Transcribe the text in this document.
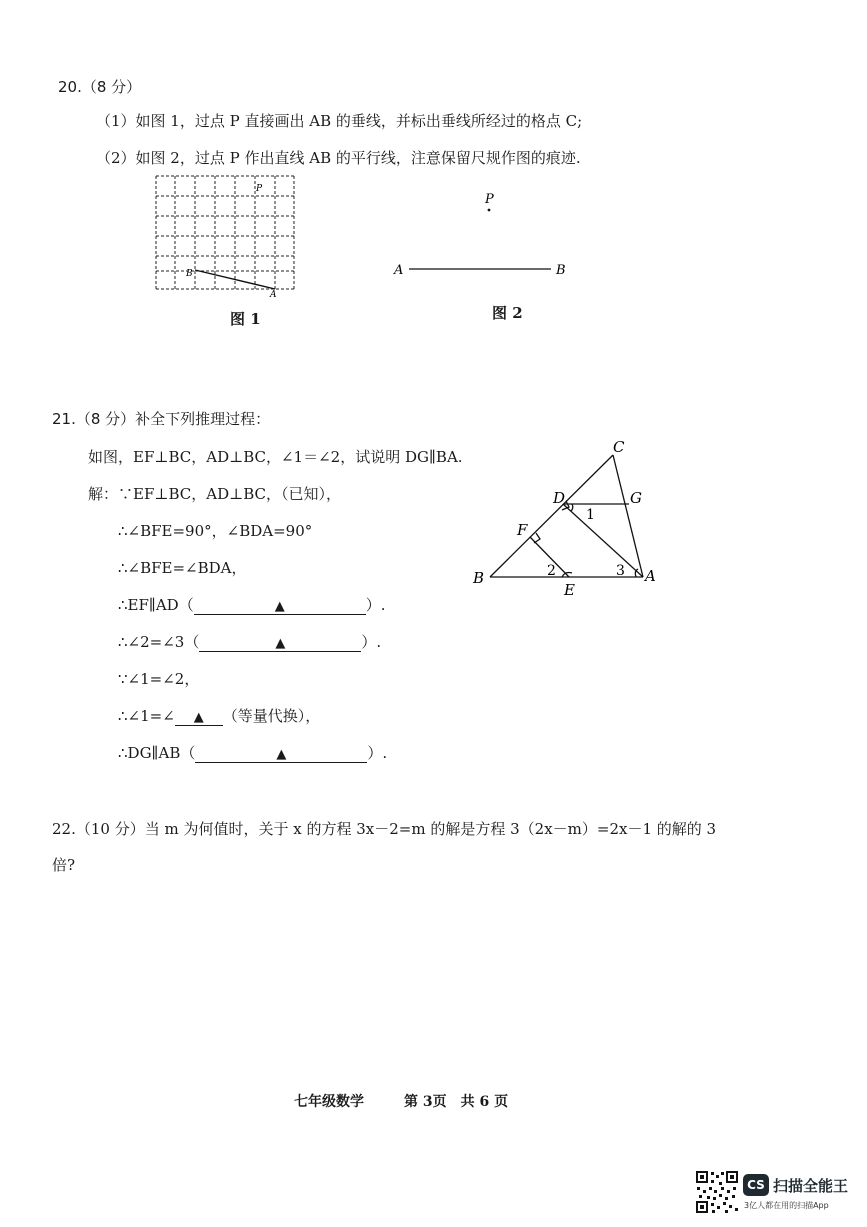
20.（8 分）
（1）如图 1，过点 P 直接画出 AB 的垂线，并标出垂线所经过的格点 C;
（2）如图 2，过点 P 作出直线 AB 的平行线，注意保留尺规作图的痕迹.
P
B
A
图 1
P
A	B
图 2
21.（8 分）补全下列推理过程：
如图，EF⊥BC，AD⊥BC，∠1＝∠2，试说明 DG∥BA.
解：∵EF⊥BC，AD⊥BC，（已知），
∴∠BFE=90°，∠BDA=90°
∴∠BFE=∠BDA，
∴EF∥AD（	▲	）.
∴∠2=∠3（	▲	）.
∵∠1=∠2，
∴∠1=∠ ▲ （等量代换），
∴DG∥AB（	▲	）.
C
D	G
F
B
E
A
1
2	3
22.（10 分）当 m 为何值时，关于 x 的方程 3x－2=m 的解是方程 3（2x－m）=2x－1 的解的 3
倍?
七年级数学	第 3页　共 6 页
CS 扫描全能王
3亿人都在用的扫描App
